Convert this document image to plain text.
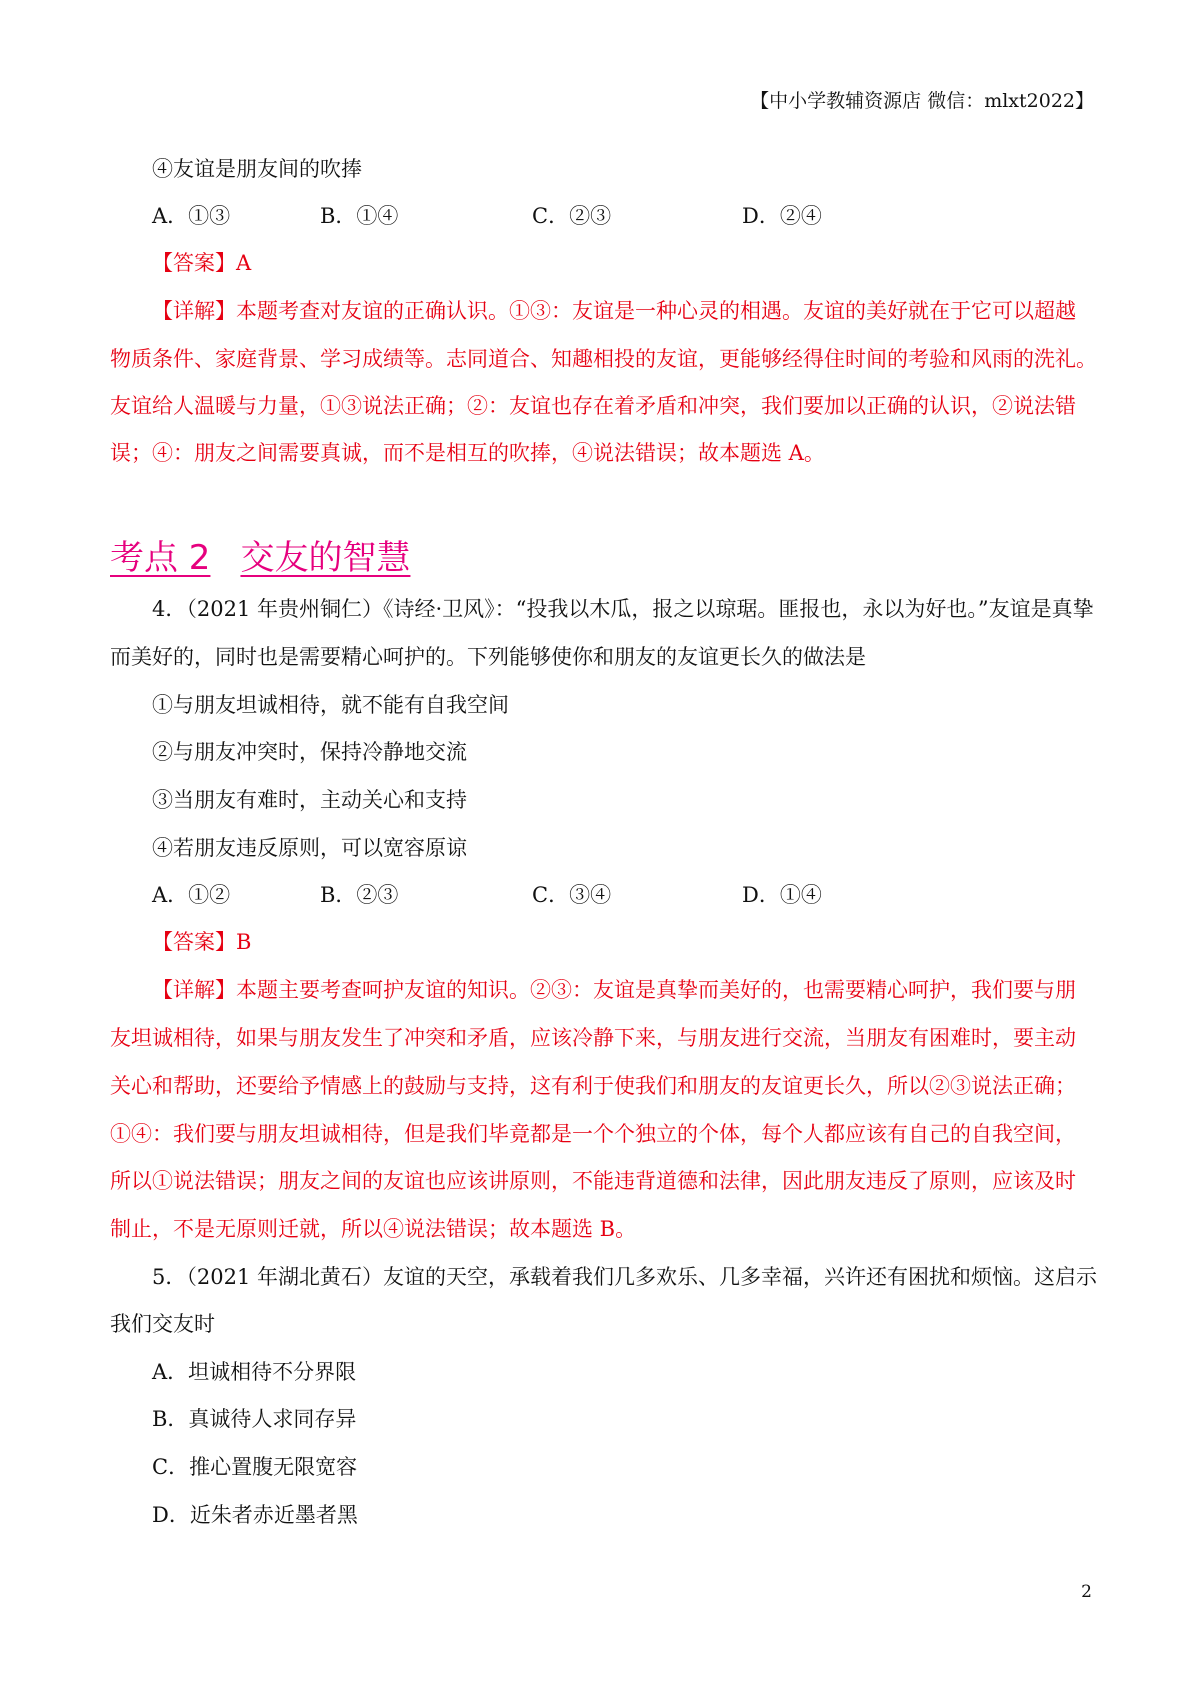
【中小学教辅资源店 微信：mlxt2022】
④友谊是朋友间的吹捧
A．①③	B．①④	C．②③	D．②④
【答案】A
【详解】本题考查对友谊的正确认识。①③：友谊是一种心灵的相遇。友谊的美好就在于它可以超越
物质条件、家庭背景、学习成绩等。志同道合、知趣相投的友谊，更能够经得住时间的考验和风雨的洗礼。
友谊给人温暖与力量，①③说法正确；②：友谊也存在着矛盾和冲突，我们要加以正确的认识，②说法错
误；④：朋友之间需要真诚，而不是相互的吹捧，④说法错误；故本题选 A。
考点 2 交友的智慧
4．（2021 年贵州铜仁）《诗经·卫风》：“投我以木瓜，报之以琼琚。匪报也，永以为好也。”友谊是真挚
而美好的，同时也是需要精心呵护的。下列能够使你和朋友的友谊更长久的做法是
①与朋友坦诚相待，就不能有自我空间
②与朋友冲突时，保持冷静地交流
③当朋友有难时，主动关心和支持
④若朋友违反原则，可以宽容原谅
A．①②	B．②③	C．③④	D．①④
【答案】B
【详解】本题主要考查呵护友谊的知识。②③：友谊是真挚而美好的，也需要精心呵护，我们要与朋
友坦诚相待，如果与朋友发生了冲突和矛盾，应该冷静下来，与朋友进行交流，当朋友有困难时，要主动
关心和帮助，还要给予情感上的鼓励与支持，这有利于使我们和朋友的友谊更长久，所以②③说法正确；
①④：我们要与朋友坦诚相待，但是我们毕竟都是一个个独立的个体，每个人都应该有自己的自我空间，
所以①说法错误；朋友之间的友谊也应该讲原则，不能违背道德和法律，因此朋友违反了原则，应该及时
制止，不是无原则迁就，所以④说法错误；故本题选 B。
5．（2021 年湖北黄石）友谊的天空，承载着我们几多欢乐、几多幸福，兴许还有困扰和烦恼。这启示
我们交友时
A．坦诚相待不分界限
B．真诚待人求同存异
C．推心置腹无限宽容
D．近朱者赤近墨者黑
2
